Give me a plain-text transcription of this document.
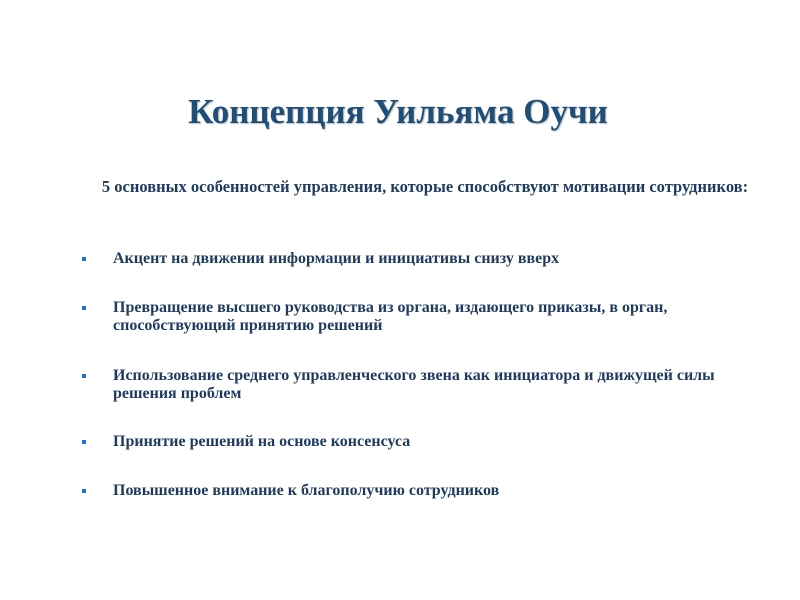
Концепция Уильяма Оучи

5 основных особенностей управления, которые способствуют мотивации сотрудников:

Акцент на движении информации и инициативы снизу вверх
Превращение высшего руководства из органа, издающего приказы, в орган, способствующий принятию решений
Использование среднего управленческого звена как инициатора и движущей силы решения проблем
Принятие решений на основе консенсуса
Повышенное внимание к благополучию сотрудников
